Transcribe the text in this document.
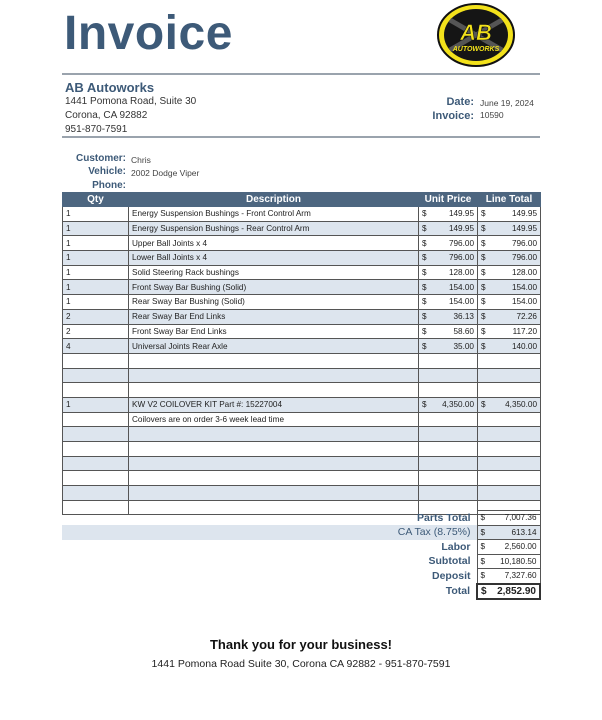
Invoice	AB
AUTOWORKS
AB Autoworks
1441 Pomona Road, Suite 30
Corona, CA 92882
951-870-7591
Date: June 19, 2024
Invoice: 10590
Customer: Chris
Vehicle: 2002 Dodge Viper
Phone:
Qty	Description	Unit Price	Line Total
1	Energy Suspension Bushings - Front Control Arm	$ 149.95	$ 149.95

1	Energy Suspension Bushings - Rear Control Arm	$ 149.95	$ 149.95

1	Upper Ball Joints x 4	$ 796.00	$ 796.00

1	Lower Ball Joints x 4	$ 796.00	$ 796.00

1	Solid Steering Rack bushings	$ 128.00	$ 128.00

1	Front Sway Bar Bushing (Solid)	$ 154.00	$ 154.00

1	Rear Sway Bar Bushing (Solid)	$ 154.00	$ 154.00

2	Rear Sway Bar End Links	$ 36.13	$ 72.26

2	Front Sway Bar End Links	$ 58.60	$ 117.20

4	Universal Joints Rear Axle	$ 35.00	$ 140.00

1	KW V2 COILOVER KIT Part #: 15227004	$ 4,350.00	$ 4,350.00

	Coilovers are on order 3-6 week lead time	

Parts Total	$ 7,007.36

CA Tax (8.75%)	$ 613.14

Labor	$ 2,560.00

Subtotal	$ 10,180.50

Deposit	$ 7,327.60

Total	$ 2,852.90
Thank you for your business!
1441 Pomona Road Suite 30, Corona CA 92882 - 951-870-7591
